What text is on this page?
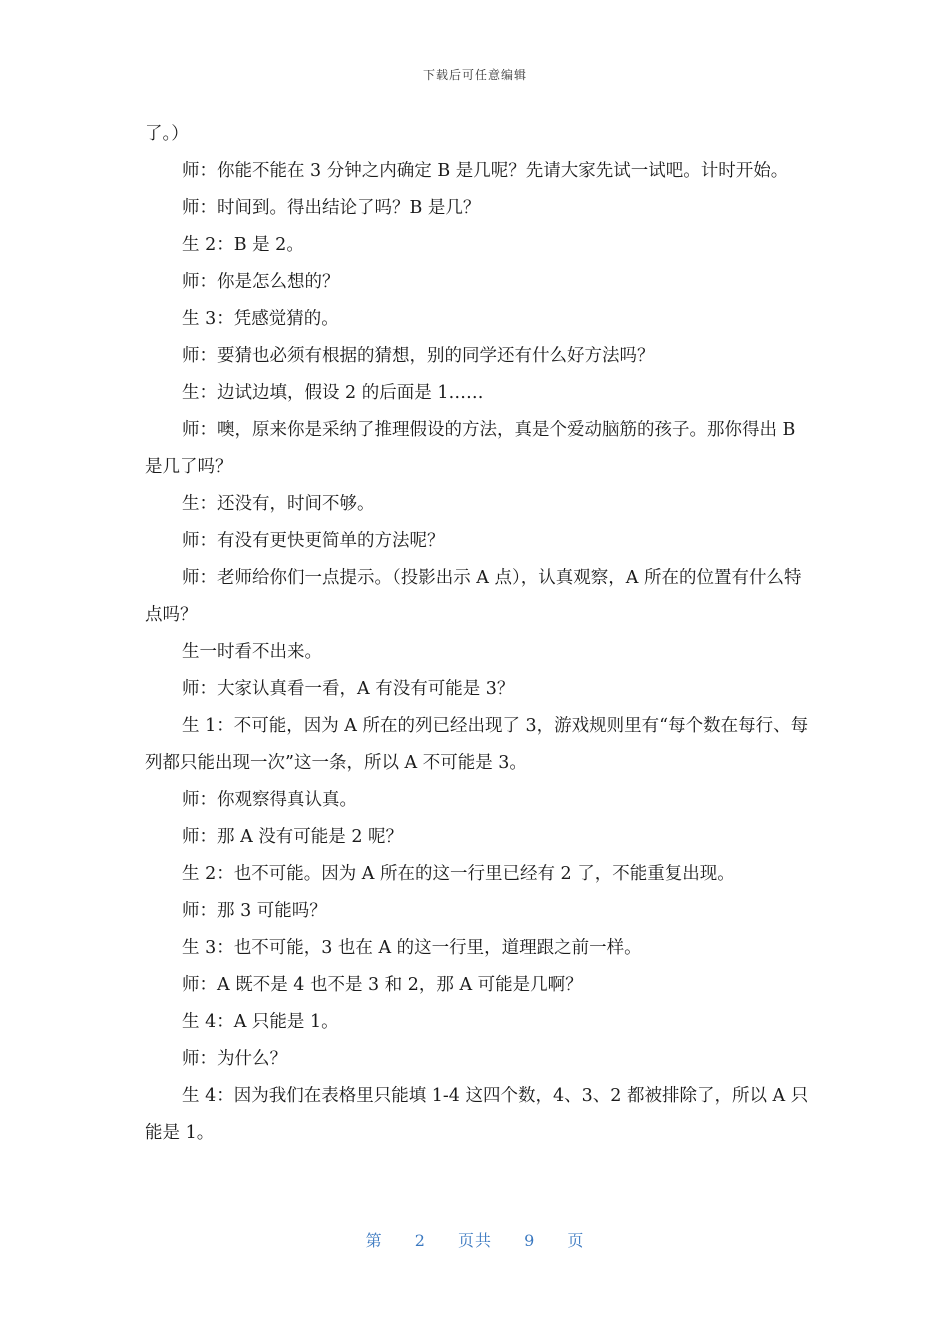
下载后可任意编辑

了。）

师：你能不能在 3 分钟之内确定 B 是几呢？先请大家先试一试吧。计时开始。

师：时间到。得出结论了吗？B 是几？

生 2：B 是 2。

师：你是怎么想的？

生 3：凭感觉猜的。

师：要猜也必须有根据的猜想，别的同学还有什么好方法吗？

生：边试边填，假设 2 的后面是 1……

师：噢，原来你是采纳了推理假设的方法，真是个爱动脑筋的孩子。那你得出 B 是几了吗？

生：还没有，时间不够。

师：有没有更快更简单的方法呢？

师：老师给你们一点提示。（投影出示 A 点），认真观察，A 所在的位置有什么特点吗？

生一时看不出来。

师：大家认真看一看，A 有没有可能是 3？

生 1：不可能，因为 A 所在的列已经出现了 3，游戏规则里有“每个数在每行、每列都只能出现一次”这一条，所以 A 不可能是 3。

师：你观察得真认真。

师：那 A 没有可能是 2 呢？

生 2：也不可能。因为 A 所在的这一行里已经有 2 了，不能重复出现。

师：那 3 可能吗？

生 3：也不可能，3 也在 A 的这一行里，道理跟之前一样。

师：A 既不是 4 也不是 3 和 2，那 A 可能是几啊？

生 4：A 只能是 1。

师：为什么？

生 4：因为我们在表格里只能填 1-4 这四个数，4、3、2 都被排除了，所以 A 只能是 1。

第 2 页共 9 页
